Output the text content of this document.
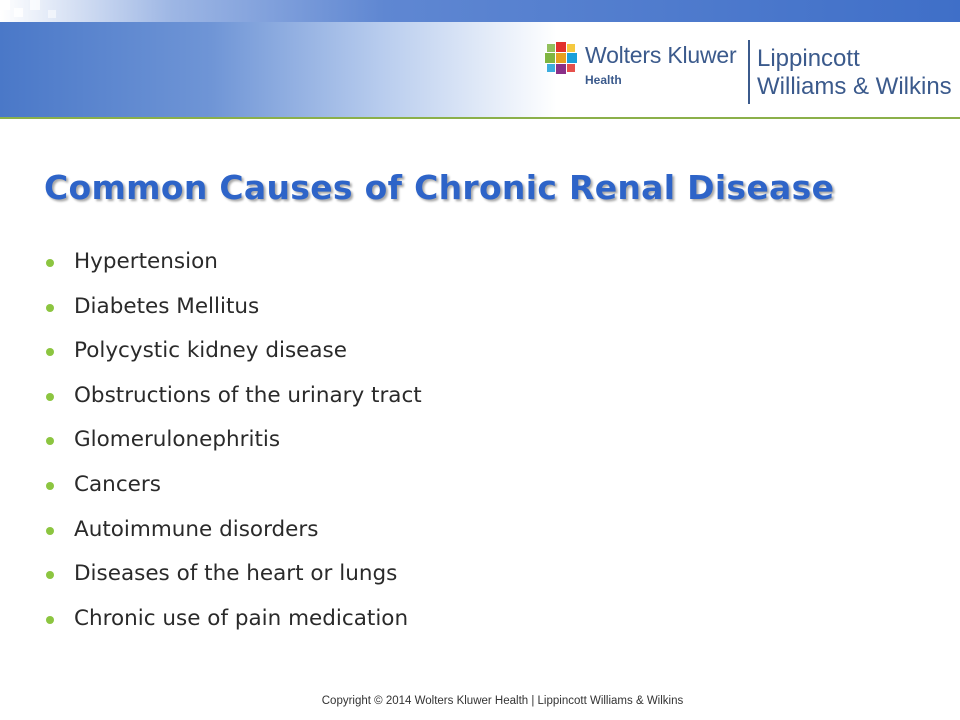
Wolters Kluwer
Health
Lippincott
Williams & Wilkins
Common Causes of Chronic Renal Disease
Hypertension
Diabetes Mellitus
Polycystic kidney disease
Obstructions of the urinary tract
Glomerulonephritis
Cancers
Autoimmune disorders
Diseases of the heart or lungs
Chronic use of pain medication
Copyright © 2014 Wolters Kluwer Health | Lippincott Williams & Wilkins
